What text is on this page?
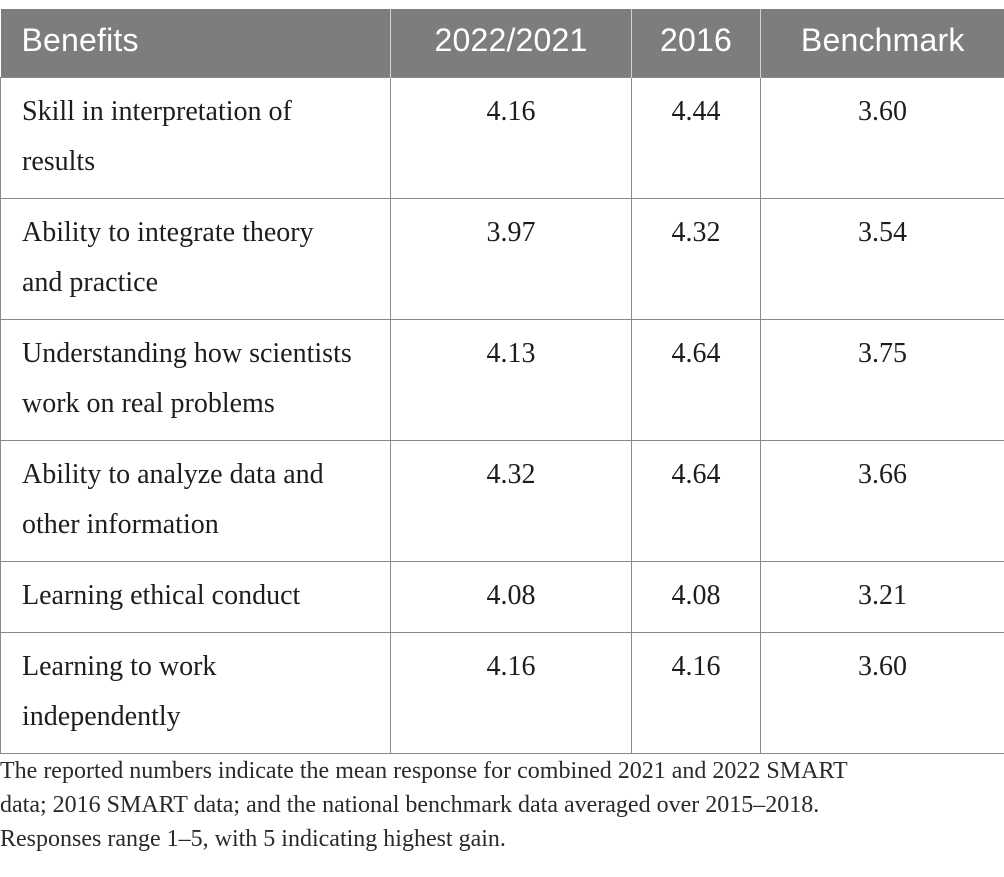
Benefits	2022/2021	2016	Benchmark
Skill in interpretation of
results	4.16	4.44	3.60
Ability to integrate theory
and practice	3.97	4.32	3.54
Understanding how scientists
work on real problems	4.13	4.64	3.75
Ability to analyze data and
other information	4.32	4.64	3.66
Learning ethical conduct	4.08	4.08	3.21
Learning to work
independently	4.16	4.16	3.60
The reported numbers indicate the mean response for combined 2021 and 2022 SMART
data; 2016 SMART data; and the national benchmark data averaged over 2015–2018.
Responses range 1–5, with 5 indicating highest gain.
